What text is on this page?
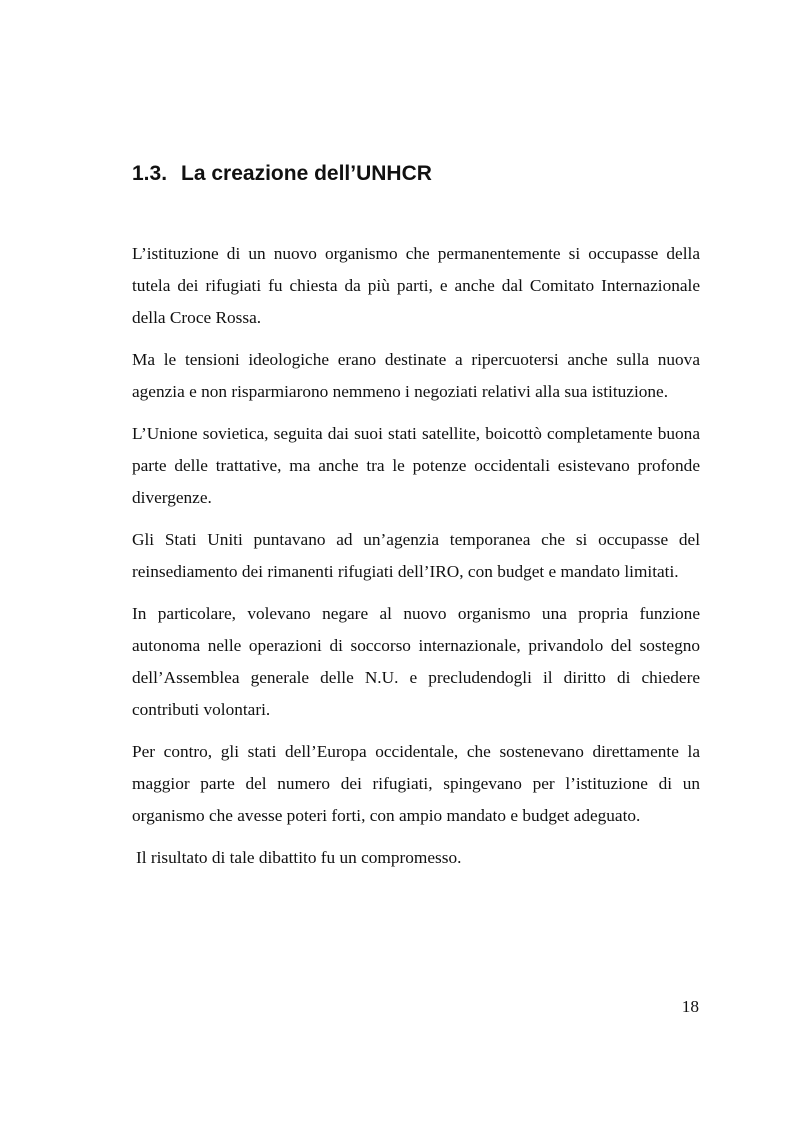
1.3. La creazione dell’UNHCR

L’istituzione di un nuovo organismo che permanentemente si occupasse della tutela dei rifugiati fu chiesta da più parti, e anche dal Comitato Internazionale della Croce Rossa.

Ma le tensioni ideologiche erano destinate a ripercuotersi anche sulla nuova agenzia e non risparmiarono nemmeno i negoziati relativi alla sua istituzione.

L’Unione sovietica, seguita dai suoi stati satellite, boicottò completamente buona parte delle trattative, ma anche tra le potenze occidentali esistevano profonde divergenze.

Gli Stati Uniti puntavano ad un’agenzia temporanea che si occupasse del reinsediamento dei rimanenti rifugiati dell’IRO, con budget e mandato limitati.

In particolare, volevano negare al nuovo organismo una propria funzione autonoma nelle operazioni di soccorso internazionale, privandolo del sostegno dell’Assemblea generale delle N.U. e precludendogli il diritto di chiedere contributi volontari.

Per contro, gli stati dell’Europa occidentale, che sostenevano direttamente la maggior parte del numero dei rifugiati, spingevano per l’istituzione di un organismo che avesse poteri forti, con ampio mandato e budget adeguato.

Il risultato di tale dibattito fu un compromesso.

18
